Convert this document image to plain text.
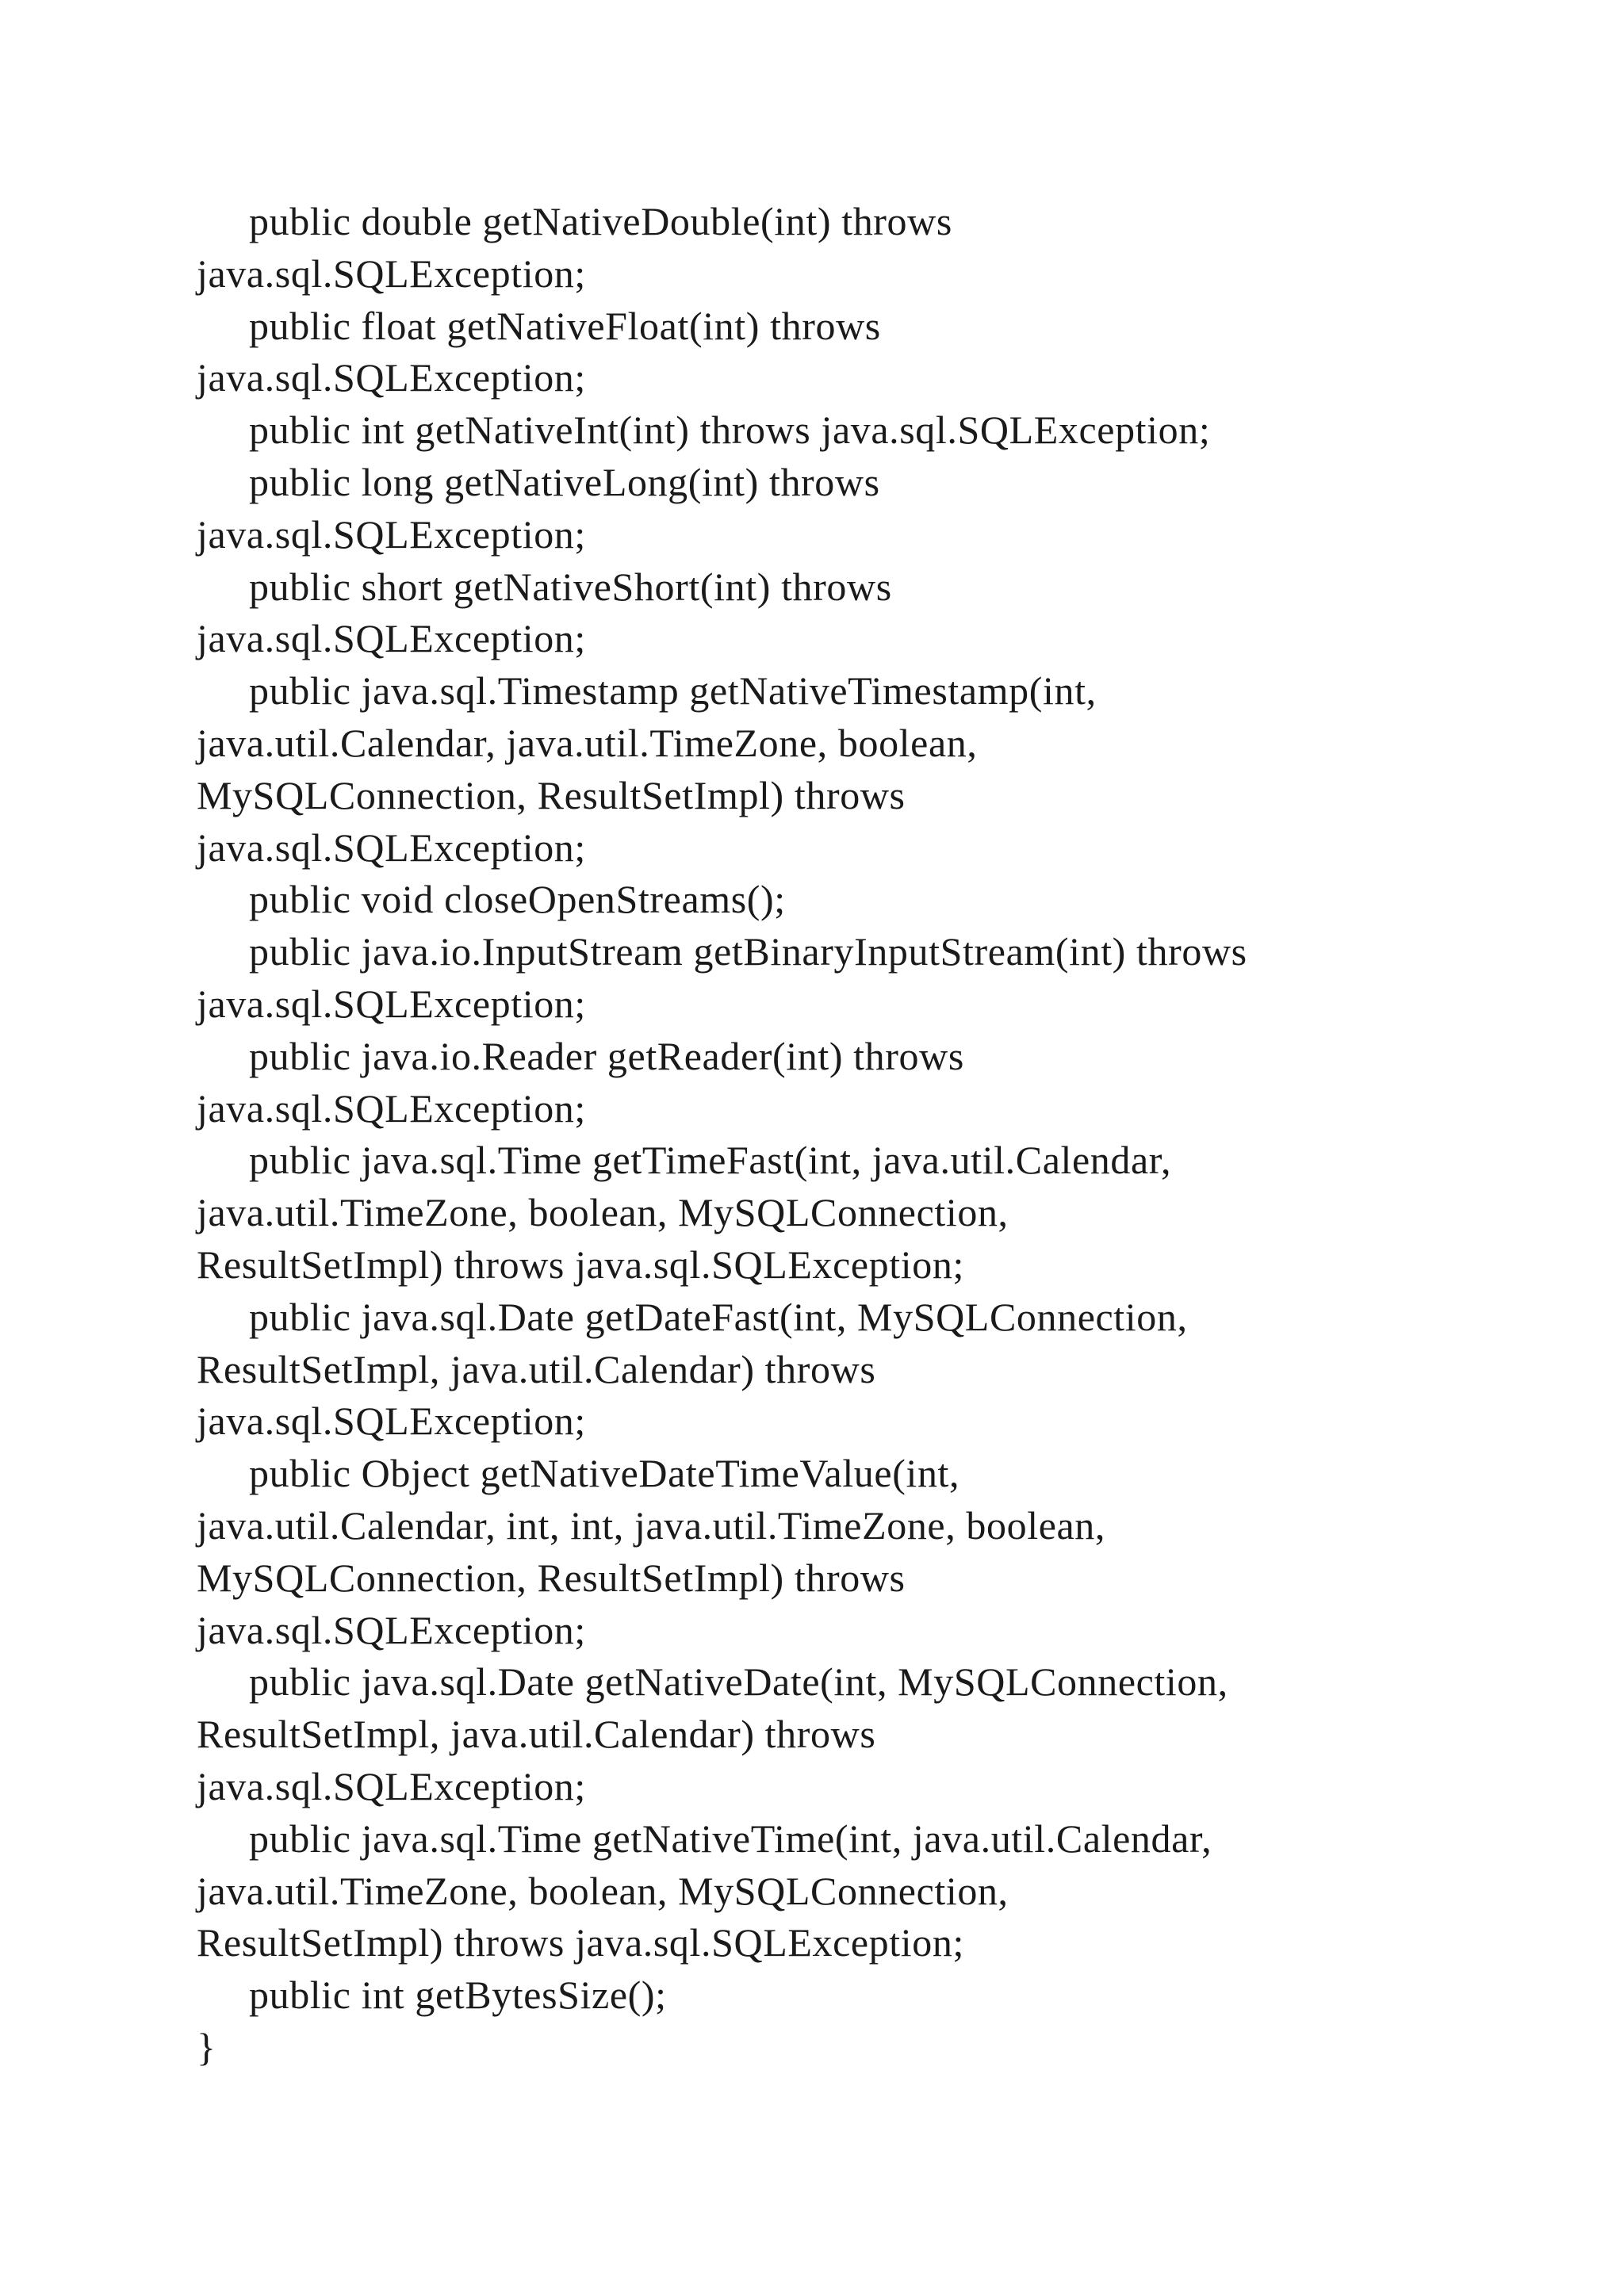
public double getNativeDouble(int) throws
java.sql.SQLException;
public float getNativeFloat(int) throws
java.sql.SQLException;
public int getNativeInt(int) throws java.sql.SQLException;
public long getNativeLong(int) throws
java.sql.SQLException;
public short getNativeShort(int) throws
java.sql.SQLException;
public java.sql.Timestamp getNativeTimestamp(int,
java.util.Calendar, java.util.TimeZone, boolean,
MySQLConnection, ResultSetImpl) throws
java.sql.SQLException;
public void closeOpenStreams();
public java.io.InputStream getBinaryInputStream(int) throws
java.sql.SQLException;
public java.io.Reader getReader(int) throws
java.sql.SQLException;
public java.sql.Time getTimeFast(int, java.util.Calendar,
java.util.TimeZone, boolean, MySQLConnection,
ResultSetImpl) throws java.sql.SQLException;
public java.sql.Date getDateFast(int, MySQLConnection,
ResultSetImpl, java.util.Calendar) throws
java.sql.SQLException;
public Object getNativeDateTimeValue(int,
java.util.Calendar, int, int, java.util.TimeZone, boolean,
MySQLConnection, ResultSetImpl) throws
java.sql.SQLException;
public java.sql.Date getNativeDate(int, MySQLConnection,
ResultSetImpl, java.util.Calendar) throws
java.sql.SQLException;
public java.sql.Time getNativeTime(int, java.util.Calendar,
java.util.TimeZone, boolean, MySQLConnection,
ResultSetImpl) throws java.sql.SQLException;
public int getBytesSize();
}
